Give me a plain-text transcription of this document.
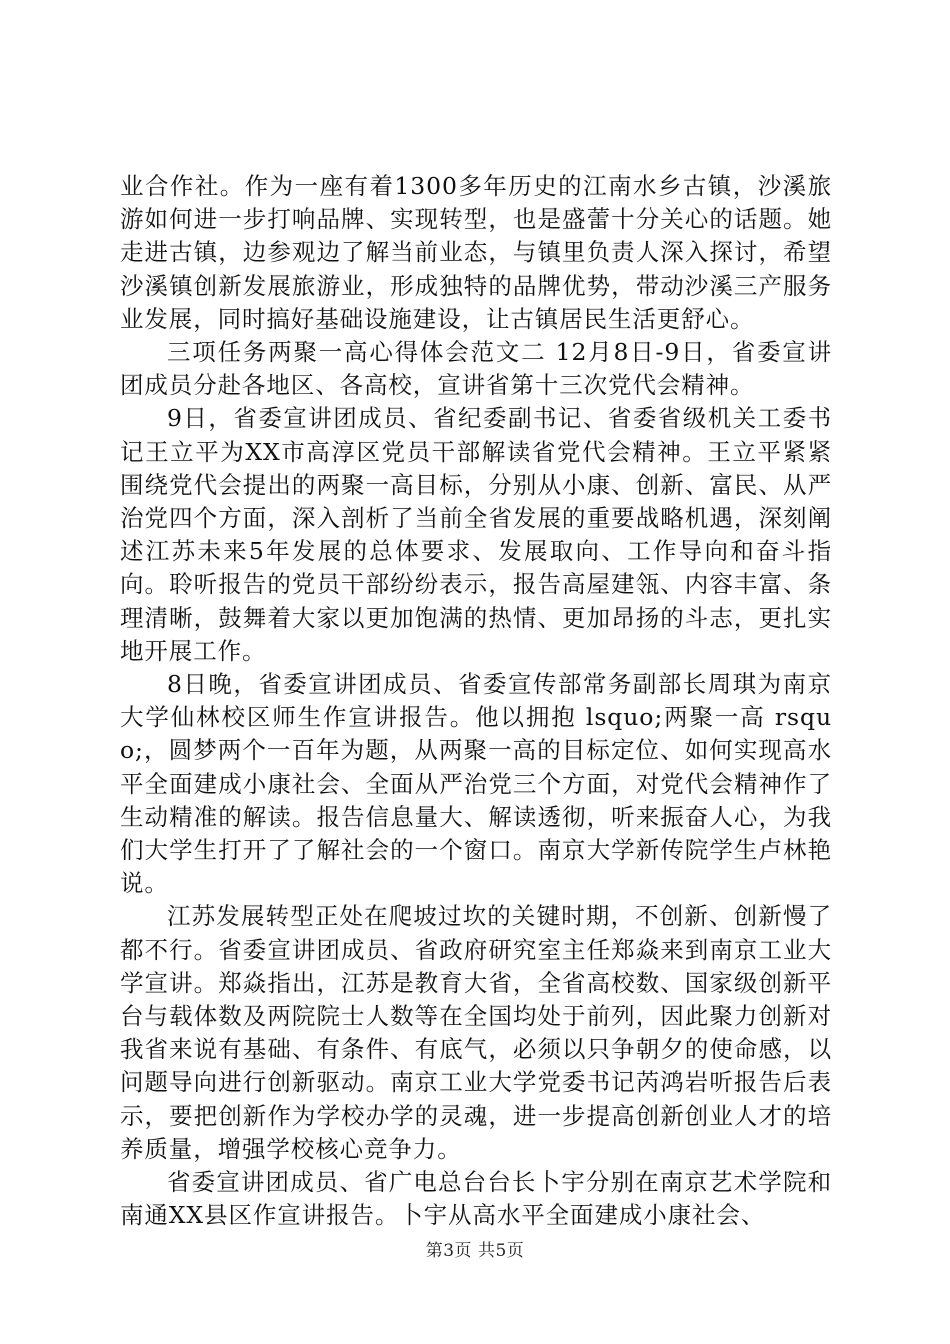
业合作社。作为一座有着1300多年历史的江南水乡古镇，沙溪旅游如何进一步打响品牌、实现转型，也是盛蕾十分关心的话题。她走进古镇，边参观边了解当前业态，与镇里负责人深入探讨，希望沙溪镇创新发展旅游业，形成独特的品牌优势，带动沙溪三产服务业发展，同时搞好基础设施建设，让古镇居民生活更舒心。

三项任务两聚一高心得体会范文二 12月8日-9日，省委宣讲团成员分赴各地区、各高校，宣讲省第十三次党代会精神。

9日，省委宣讲团成员、省纪委副书记、省委省级机关工委书记王立平为XX市高淳区党员干部解读省党代会精神。王立平紧紧围绕党代会提出的两聚一高目标，分别从小康、创新、富民、从严治党四个方面，深入剖析了当前全省发展的重要战略机遇，深刻阐述江苏未来5年发展的总体要求、发展取向、工作导向和奋斗指向。聆听报告的党员干部纷纷表示，报告高屋建瓴、内容丰富、条理清晰，鼓舞着大家以更加饱满的热情、更加昂扬的斗志，更扎实地开展工作。

8日晚，省委宣讲团成员、省委宣传部常务副部长周琪为南京大学仙林校区师生作宣讲报告。他以拥抱 lsquo;两聚一高 rsquo;，圆梦两个一百年为题，从两聚一高的目标定位、如何实现高水平全面建成小康社会、全面从严治党三个方面，对党代会精神作了生动精准的解读。报告信息量大、解读透彻，听来振奋人心，为我们大学生打开了了解社会的一个窗口。南京大学新传院学生卢林艳说。

江苏发展转型正处在爬坡过坎的关键时期，不创新、创新慢了都不行。省委宣讲团成员、省政府研究室主任郑焱来到南京工业大学宣讲。郑焱指出，江苏是教育大省，全省高校数、国家级创新平台与载体数及两院院士人数等在全国均处于前列，因此聚力创新对我省来说有基础、有条件、有底气，必须以只争朝夕的使命感，以问题导向进行创新驱动。南京工业大学党委书记芮鸿岩听报告后表示，要把创新作为学校办学的灵魂，进一步提高创新创业人才的培养质量，增强学校核心竞争力。

省委宣讲团成员、省广电总台台长卜宇分别在南京艺术学院和南通XX县区作宣讲报告。卜宇从高水平全面建成小康社会、

第3页 共5页
